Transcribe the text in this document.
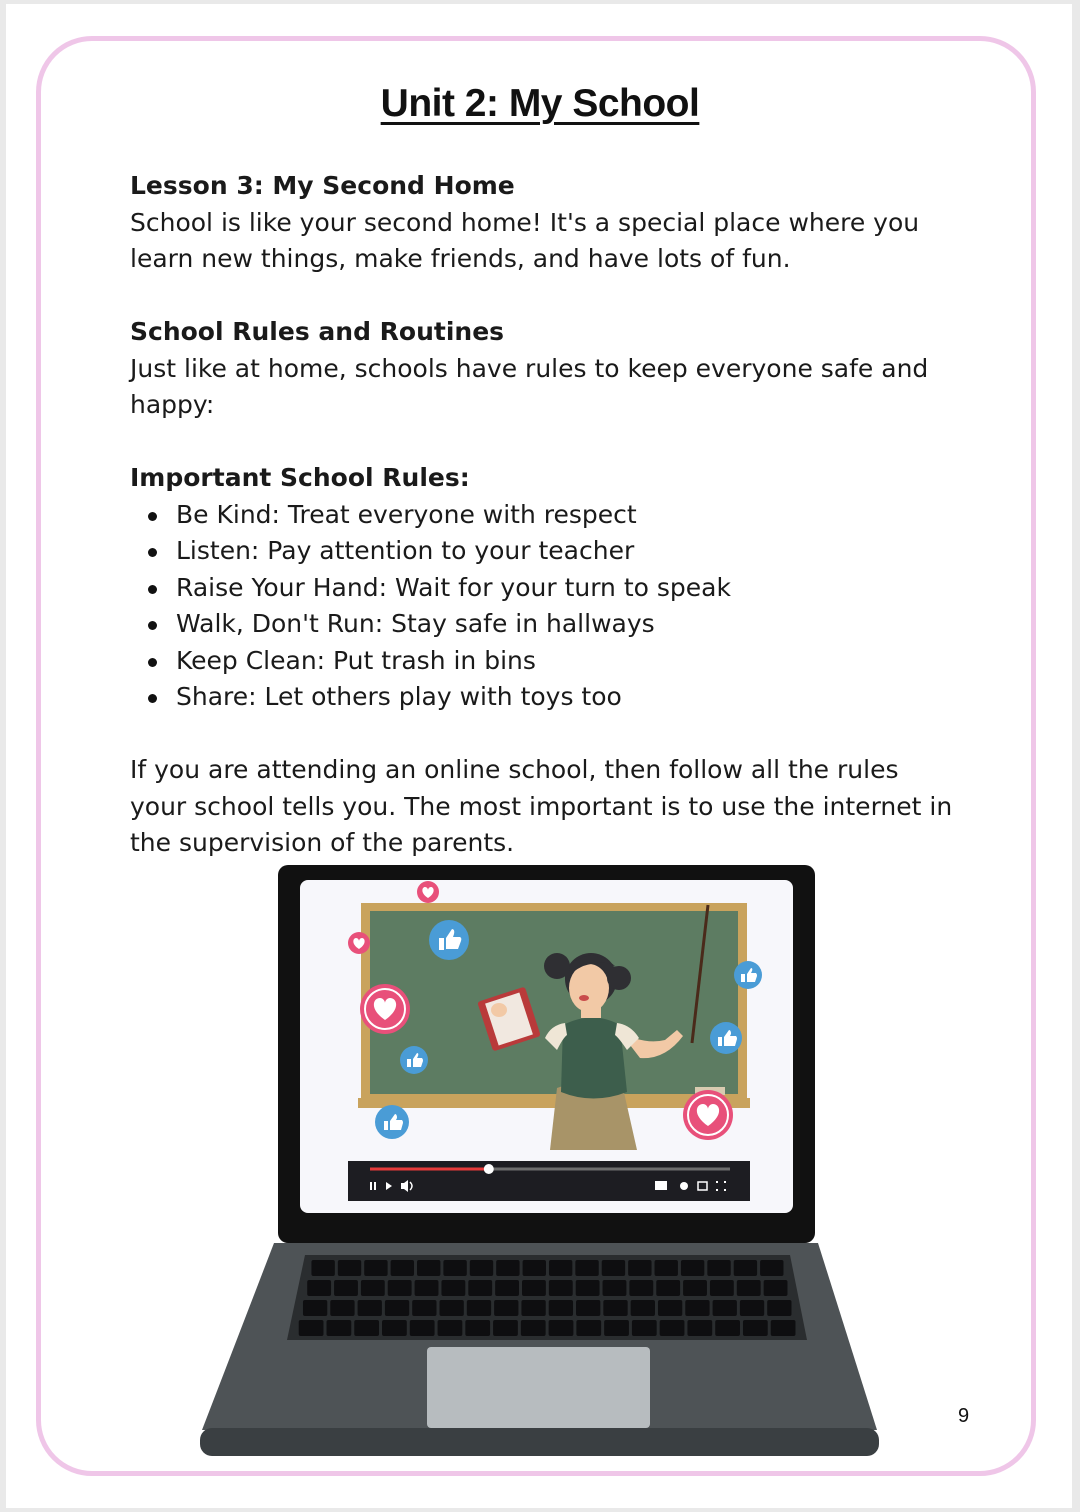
Unit 2: My School

Lesson 3: My Second Home

School is like your second home! It's a special place where you learn new things, make friends, and have lots of fun.

School Rules and Routines

Just like at home, schools have rules to keep everyone safe and happy:

Important School Rules:

Be Kind: Treat everyone with respect
Listen: Pay attention to your teacher
Raise Your Hand: Wait for your turn to speak
Walk, Don't Run: Stay safe in hallways
Keep Clean: Put trash in bins
Share: Let others play with toys too

If you are attending an online school, then follow all the rules your school tells you. The most important is to use the internet in the supervision of the parents.

9
